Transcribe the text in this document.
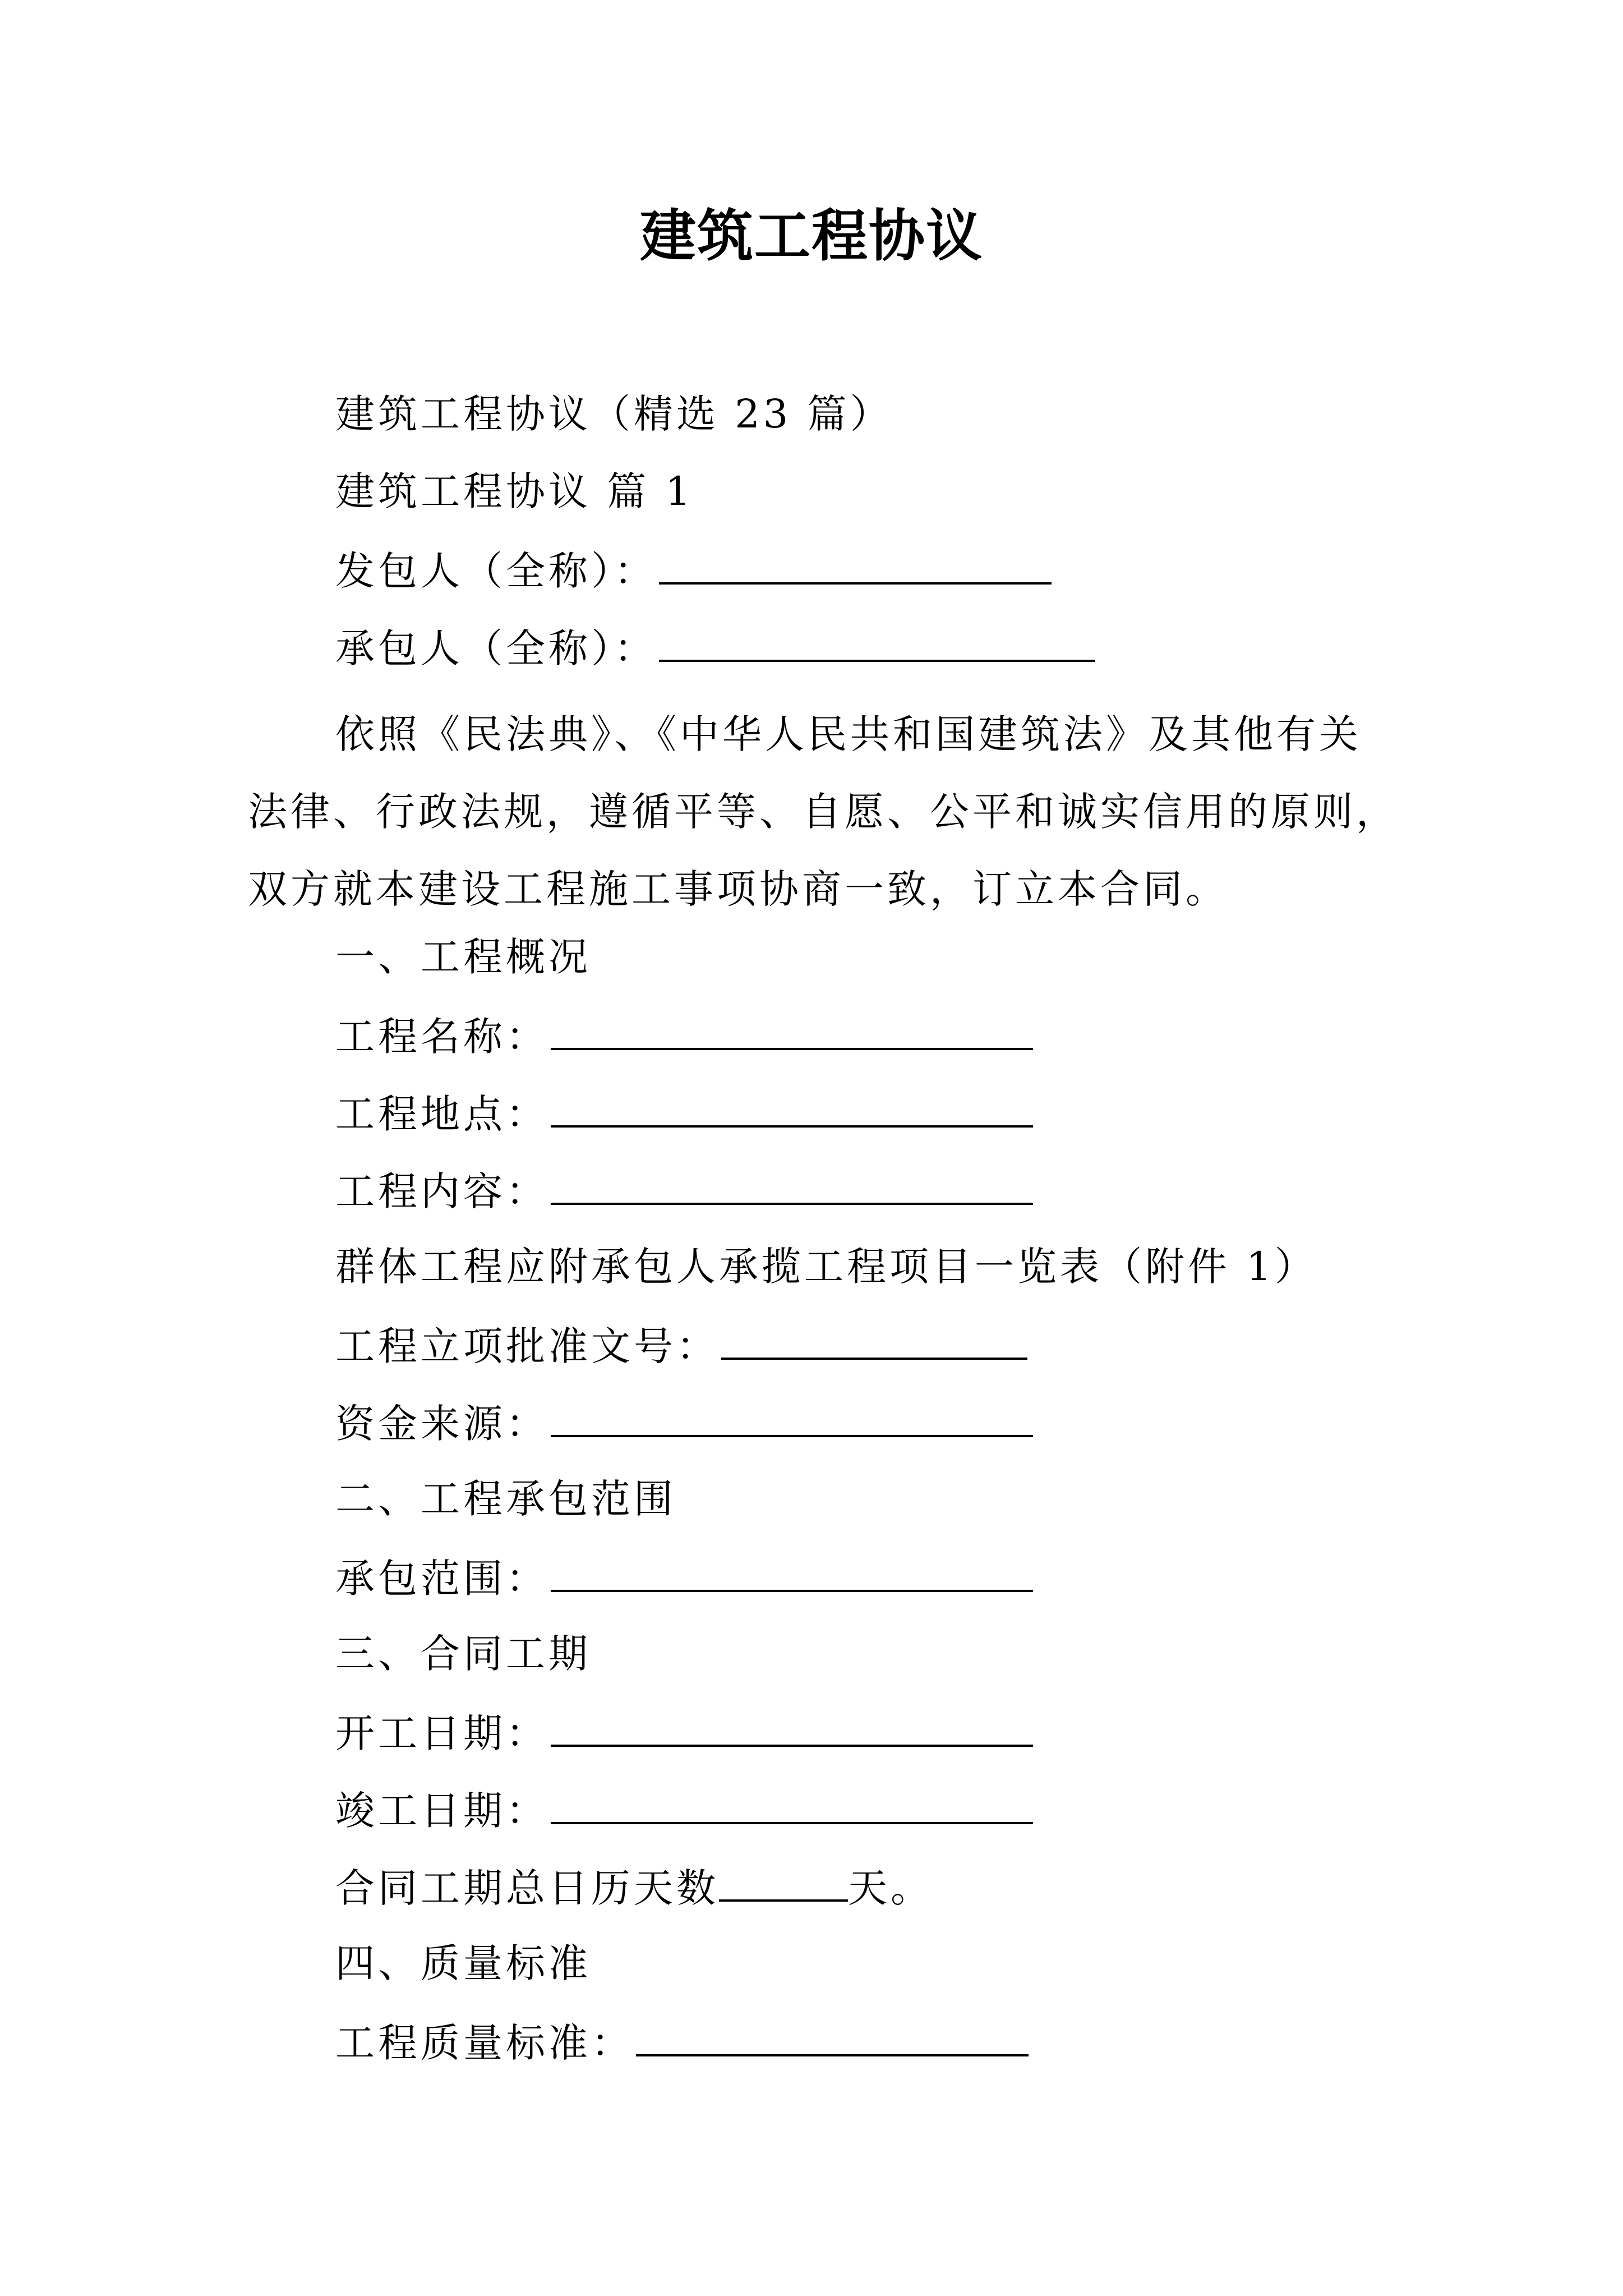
建筑工程协议
建筑工程协议（精选 23 篇）
建筑工程协议 篇 1
发包人（全称）：
承包人（全称）：
依照《民法典》、《中华人民共和国建筑法》及其他有关
法律、行政法规，遵循平等、自愿、公平和诚实信用的原则，
双方就本建设工程施工事项协商一致，订立本合同。
一、工程概况
工程名称：
工程地点：
工程内容：
群体工程应附承包人承揽工程项目一览表（附件 1）
工程立项批准文号：
资金来源：
二、工程承包范围
承包范围：
三、合同工期
开工日期：
竣工日期：
合同工期总日历天数	天。
四、质量标准
工程质量标准：
